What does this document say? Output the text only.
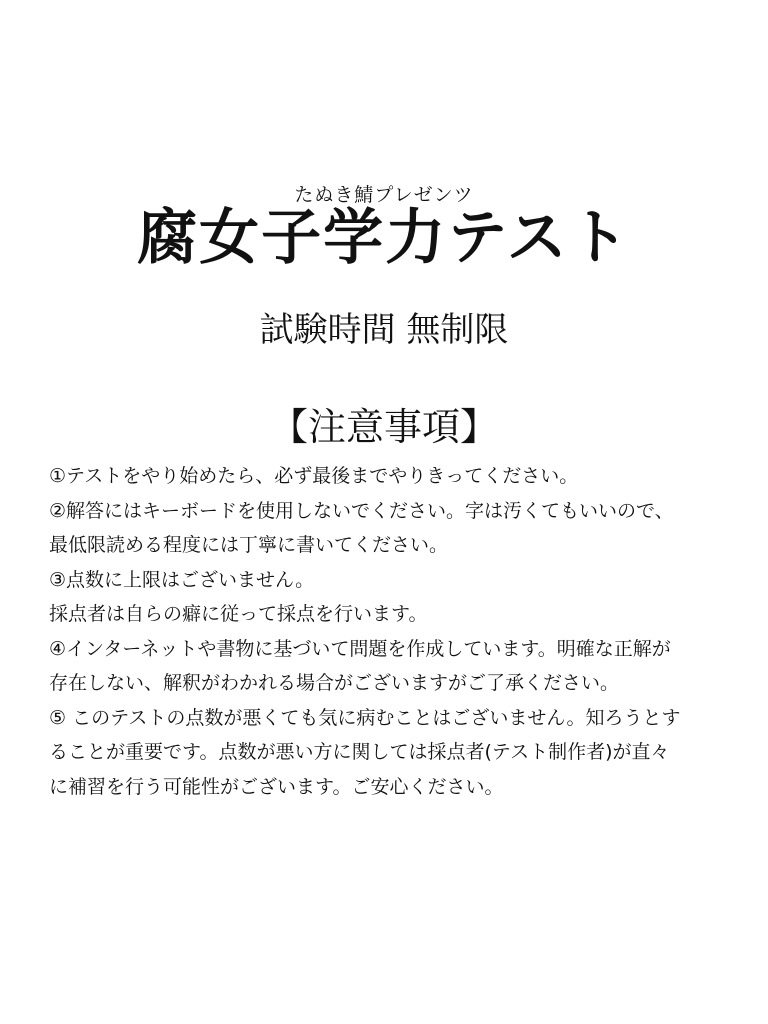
たぬき鯖プレゼンツ
腐女子学力テスト
試験時間 無制限
【注意事項】
①テストをやり始めたら、必ず最後までやりきってください。
②解答にはキーボードを使用しないでください。字は汚くてもいいので、
最低限読める程度には丁寧に書いてください。
③点数に上限はございません。
採点者は自らの癖に従って採点を行います。
④インターネットや書物に基づいて問題を作成しています。明確な正解が
存在しない、解釈がわかれる場合がございますがご了承ください。
⑤ このテストの点数が悪くても気に病むことはございません。知ろうとす
ることが重要です。点数が悪い方に関しては採点者(テスト制作者)が直々
に補習を行う可能性がございます。ご安心ください。
